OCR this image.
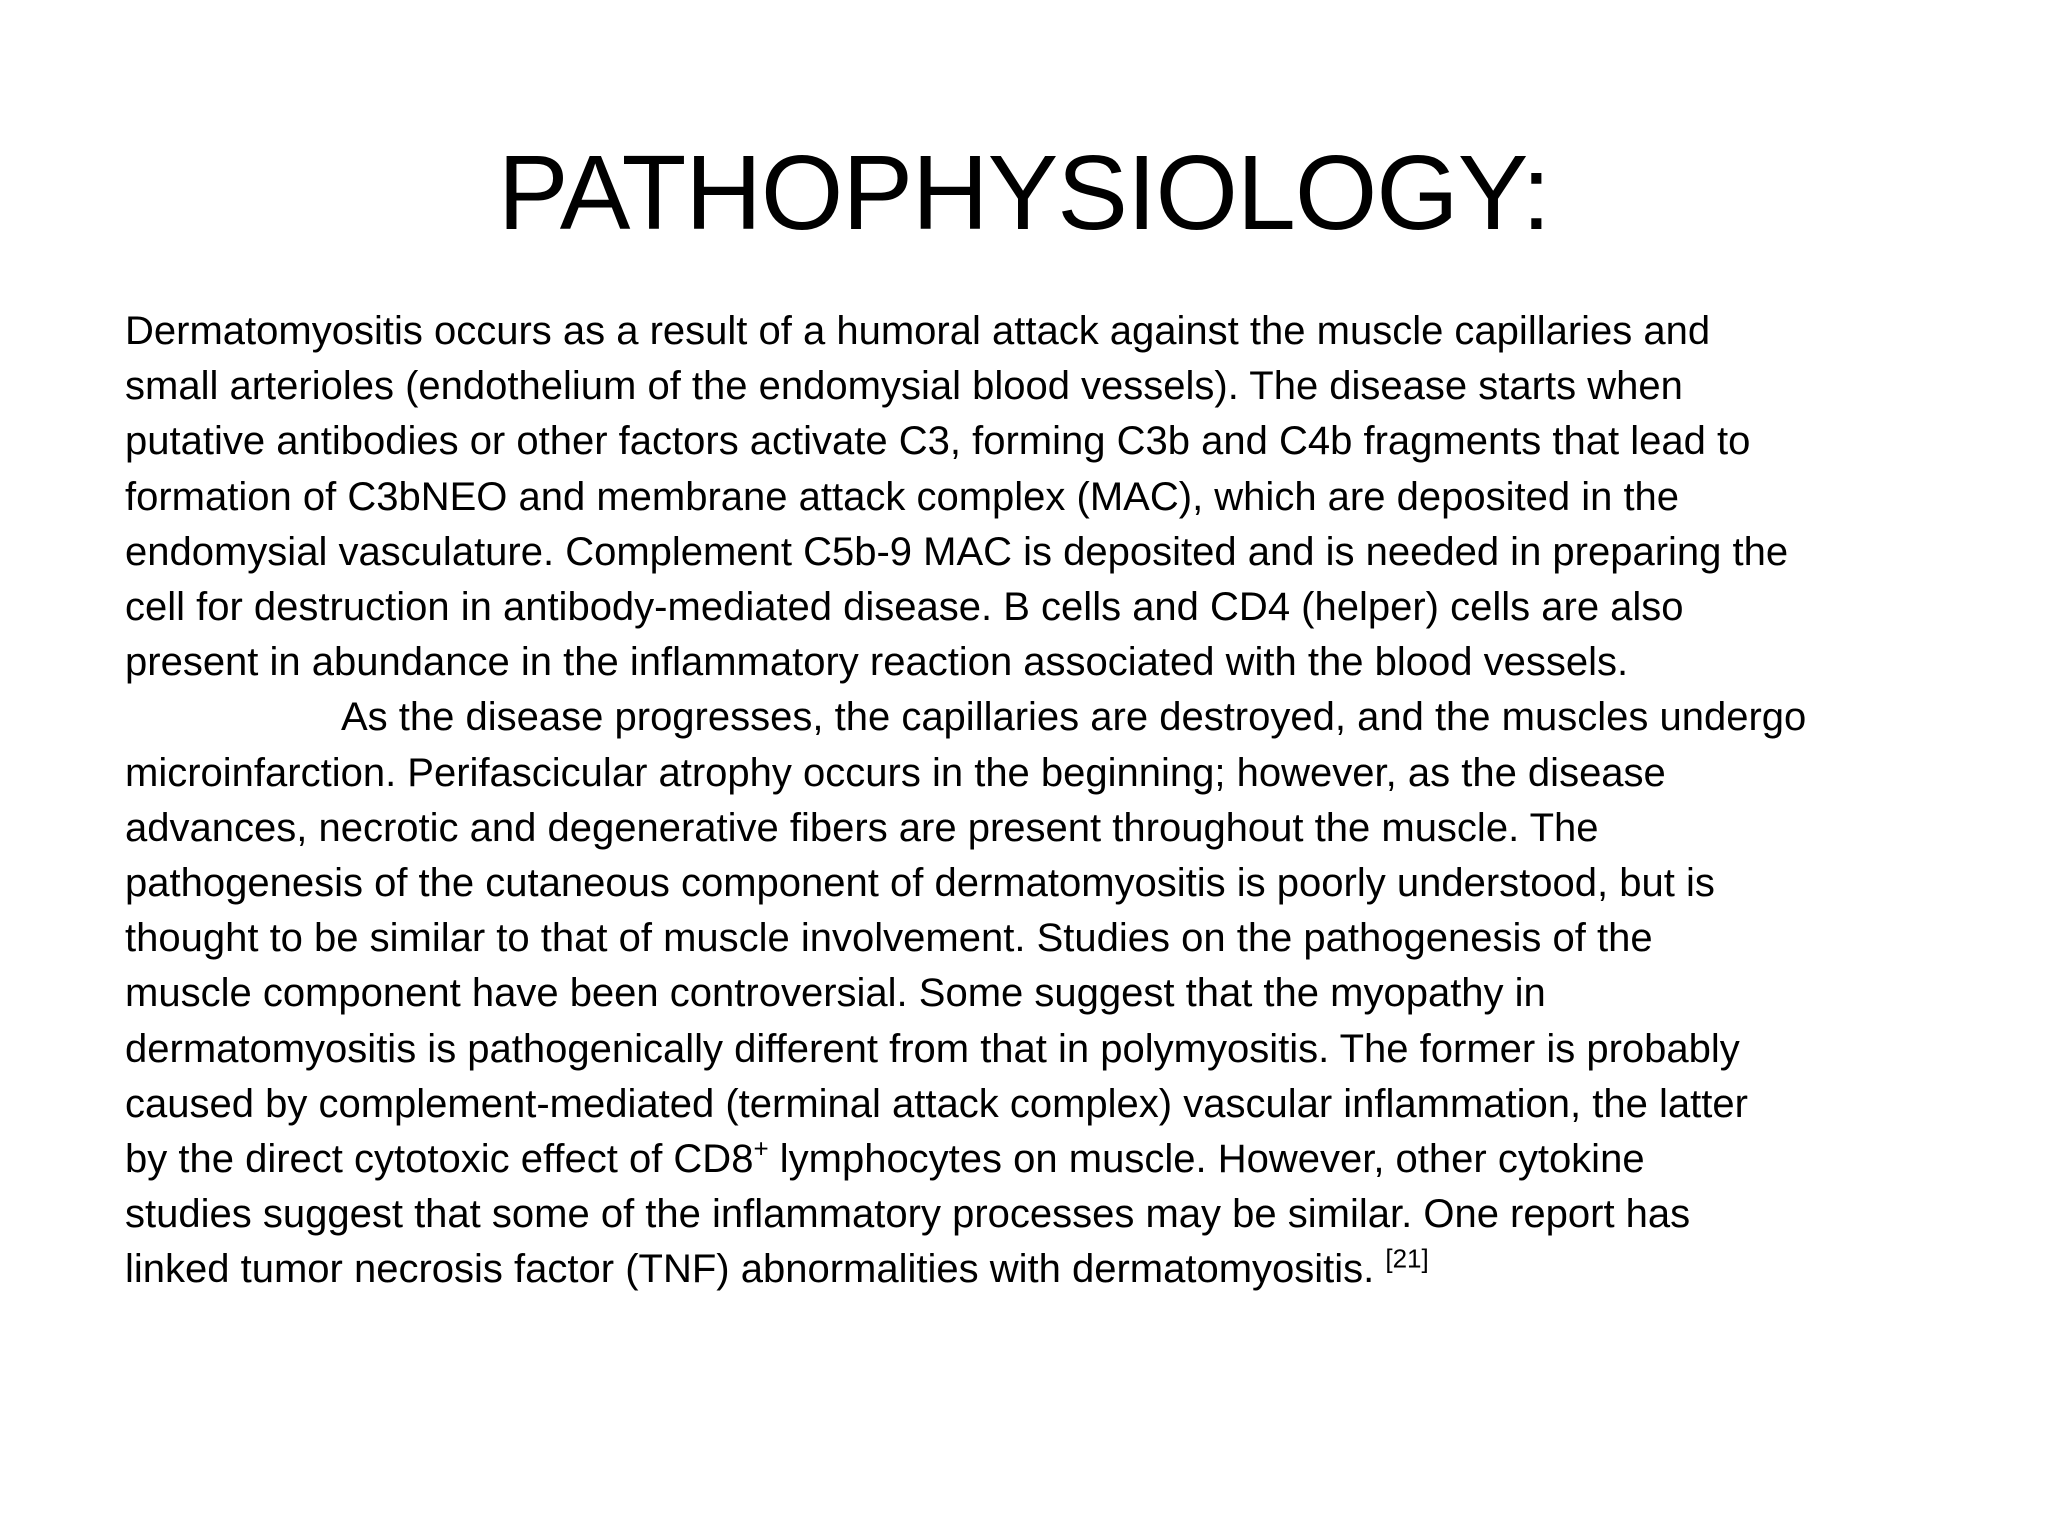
PATHOPHYSIOLOGY:

Dermatomyositis occurs as a result of a humoral attack against the muscle capillaries and
small arterioles (endothelium of the endomysial blood vessels). The disease starts when
putative antibodies or other factors activate C3, forming C3b and C4b fragments that lead to
formation of C3bNEO and membrane attack complex (MAC), which are deposited in the
endomysial vasculature. Complement C5b-9 MAC is deposited and is needed in preparing the
cell for destruction in antibody-mediated disease. B cells and CD4 (helper) cells are also
present in abundance in the inflammatory reaction associated with the blood vessels.
As the disease progresses, the capillaries are destroyed, and the muscles undergo
microinfarction. Perifascicular atrophy occurs in the beginning; however, as the disease
advances, necrotic and degenerative fibers are present throughout the muscle. The
pathogenesis of the cutaneous component of dermatomyositis is poorly understood, but is
thought to be similar to that of muscle involvement. Studies on the pathogenesis of the
muscle component have been controversial. Some suggest that the myopathy in
dermatomyositis is pathogenically different from that in polymyositis. The former is probably
caused by complement-mediated (terminal attack complex) vascular inflammation, the latter
by the direct cytotoxic effect of CD8+ lymphocytes on muscle. However, other cytokine
studies suggest that some of the inflammatory processes may be similar. One report has
linked tumor necrosis factor (TNF) abnormalities with dermatomyositis. [21]
